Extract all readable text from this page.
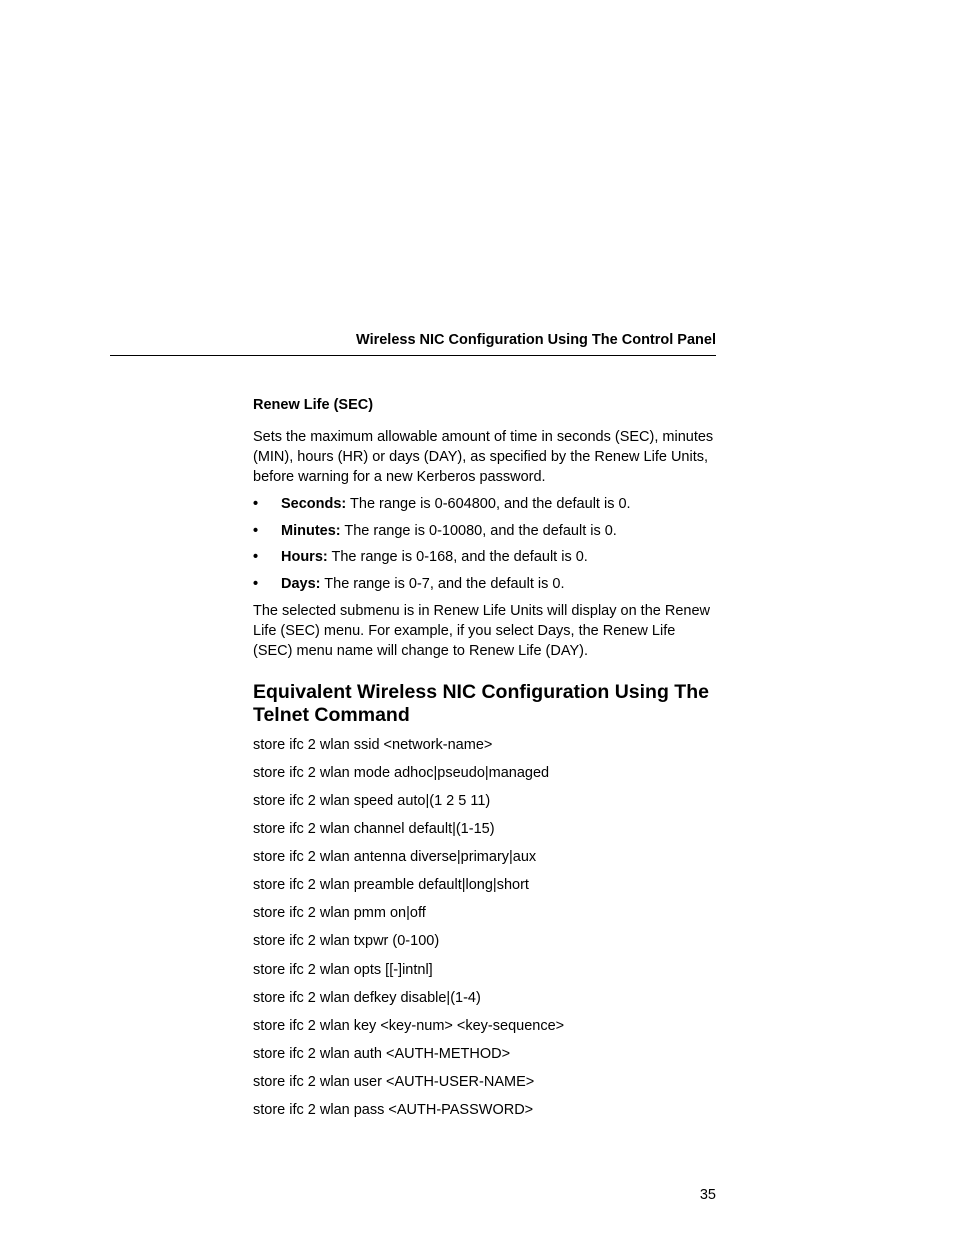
Wireless NIC Configuration Using The Control Panel
Renew Life (SEC)

Sets the maximum allowable amount of time in seconds (SEC), minutes (MIN), hours (HR) or days (DAY), as specified by the Renew Life Units, before warning for a new Kerberos password.

• Seconds: The range is 0-604800, and the default is 0.
• Minutes: The range is 0-10080, and the default is 0.
• Hours: The range is 0-168, and the default is 0.
• Days: The range is 0-7, and the default is 0.

The selected submenu is in Renew Life Units will display on the Renew Life (SEC) menu. For example, if you select Days, the Renew Life (SEC) menu name will change to Renew Life (DAY).

Equivalent Wireless NIC Configuration Using The Telnet Command
store ifc 2 wlan ssid <network-name>
store ifc 2 wlan mode adhoc|pseudo|managed
store ifc 2 wlan speed auto|(1 2 5 11)
store ifc 2 wlan channel default|(1-15)
store ifc 2 wlan antenna diverse|primary|aux
store ifc 2 wlan preamble default|long|short
store ifc 2 wlan pmm on|off
store ifc 2 wlan txpwr (0-100)
store ifc 2 wlan opts [[-]intnl]
store ifc 2 wlan defkey disable|(1-4)
store ifc 2 wlan key <key-num> <key-sequence>
store ifc 2 wlan auth <AUTH-METHOD>
store ifc 2 wlan user <AUTH-USER-NAME>
store ifc 2 wlan pass <AUTH-PASSWORD>
35
